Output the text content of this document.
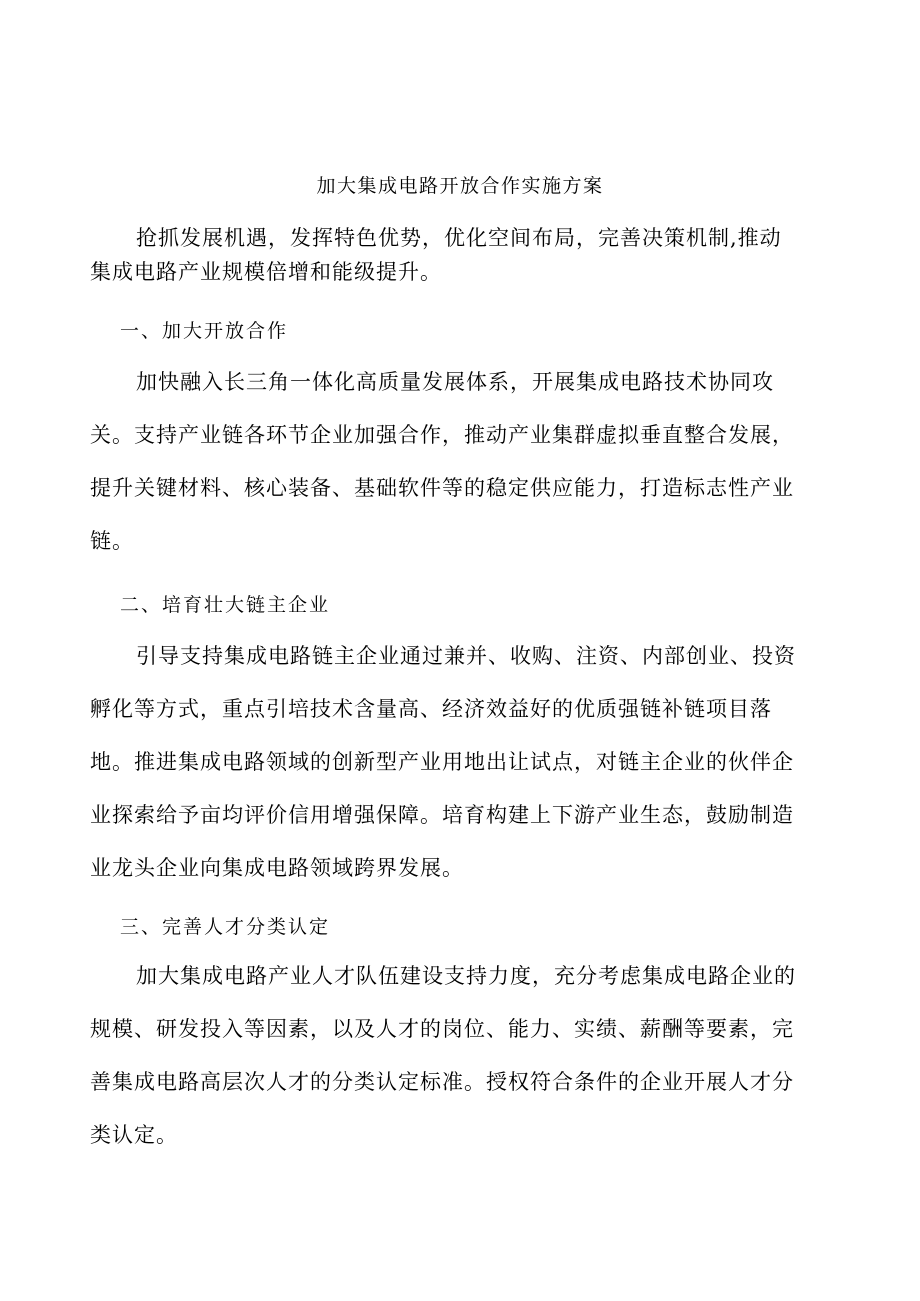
加大集成电路开放合作实施方案
抢抓发展机遇，发挥特色优势，优化空间布局，完善决策机制,推动
集成电路产业规模倍增和能级提升。
一、加大开放合作
加快融入长三角一体化高质量发展体系，开展集成电路技术协同攻
关。支持产业链各环节企业加强合作，推动产业集群虚拟垂直整合发展，
提升关键材料、核心装备、基础软件等的稳定供应能力，打造标志性产业
链。
二、培育壮大链主企业
引导支持集成电路链主企业通过兼并、收购、注资、内部创业、投资
孵化等方式，重点引培技术含量高、经济效益好的优质强链补链项目落
地。推进集成电路领域的创新型产业用地出让试点，对链主企业的伙伴企
业探索给予亩均评价信用增强保障。培育构建上下游产业生态，鼓励制造
业龙头企业向集成电路领域跨界发展。
三、完善人才分类认定
加大集成电路产业人才队伍建设支持力度，充分考虑集成电路企业的
规模、研发投入等因素，以及人才的岗位、能力、实绩、薪酬等要素，完
善集成电路高层次人才的分类认定标准。授权符合条件的企业开展人才分
类认定。
